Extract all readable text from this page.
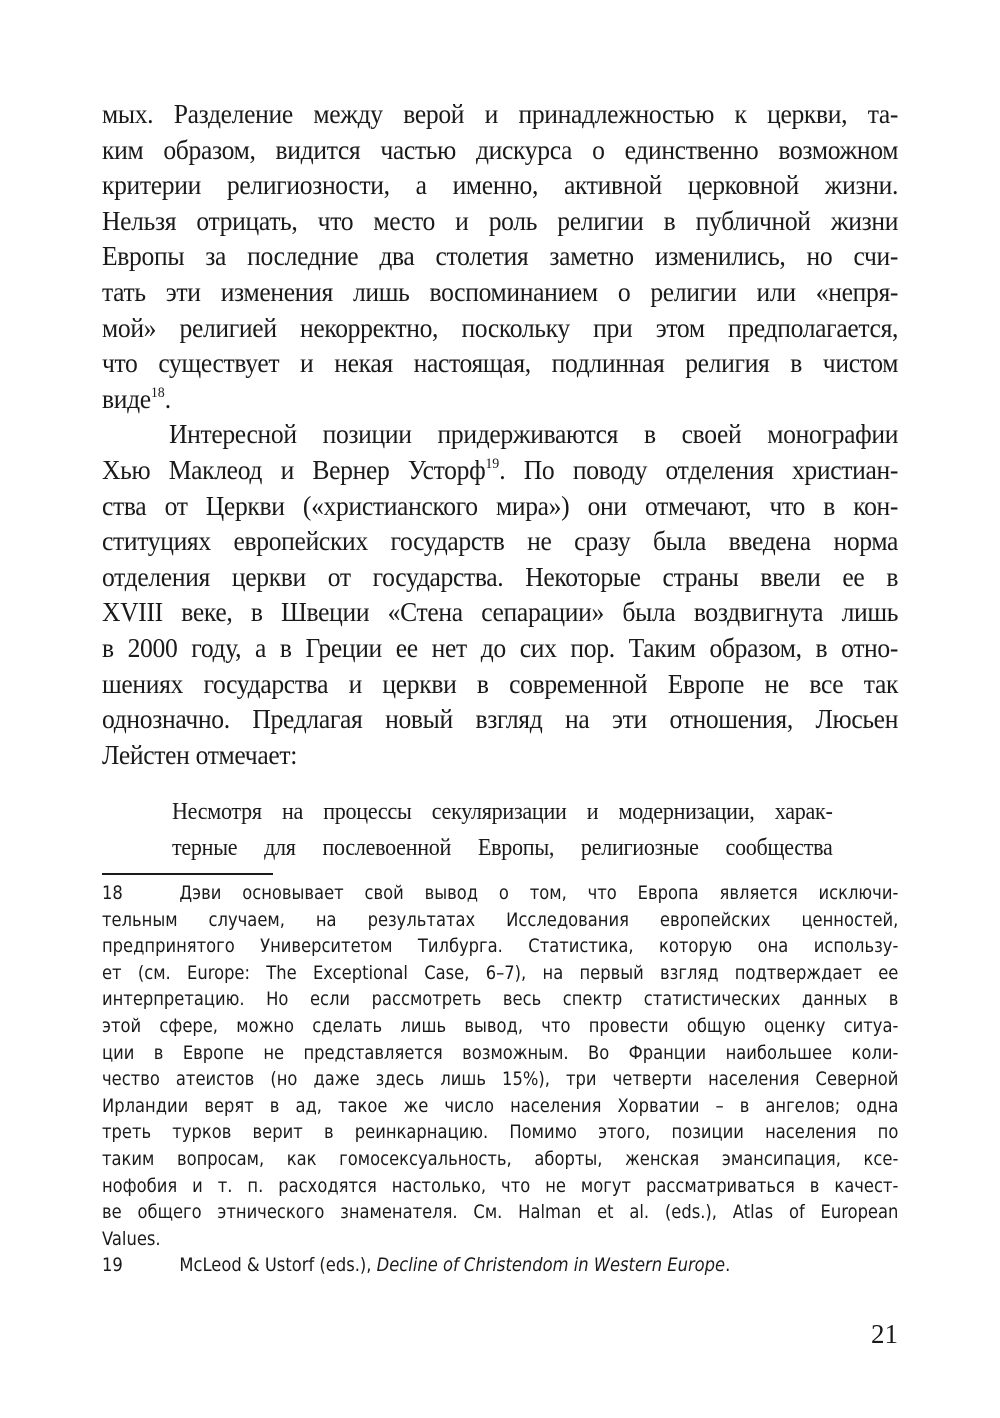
мых. Разделение между верой и принадлежностью к церкви, та-
ким образом, видится частью дискурса о единственно возможном
критерии религиозности, а именно, активной церковной жизни.
Нельзя отрицать, что место и роль религии в публичной жизни
Европы за последние два столетия заметно изменились, но счи-
тать эти изменения лишь воспоминанием о религии или «непря-
мой» религией некорректно, поскольку при этом предполагается,
что существует и некая настоящая, подлинная религия в чистом
виде$^{18}$.
Интересной позиции придерживаются в своей монографии
Хью Маклеод и Вернер Усторф$^{19}$. По поводу отделения христиан-
ства от Церкви («христианского мира») они отмечают, что в кон-
ституциях европейских государств не сразу была введена норма
отделения церкви от государства. Некоторые страны ввели ее в
XVIII веке, в Швеции «Стена сепарации» была воздвигнута лишь
в 2000 году, а в Греции ее нет до сих пор. Таким образом, в отно-
шениях государства и церкви в современной Европе не все так
однозначно. Предлагая новый взгляд на эти отношения, Люсьен
Лейстен отмечает:
Несмотря на процессы секуляризации и модернизации, харак-
терные для послевоенной Европы, религиозные сообщества
18	Дэви основывает свой вывод о том, что Европа является исключи-
тельным случаем, на результатах Исследования европейских ценностей,
предпринятого Университетом Тилбурга. Статистика, которую она использу-
ет (см. Europe: The Exceptional Case, 6–7), на первый взгляд подтверждает ее
интерпретацию. Но если рассмотреть весь спектр статистических данных в
этой сфере, можно сделать лишь вывод, что провести общую оценку ситуа-
ции в Европе не представляется возможным. Во Франции наибольшее коли-
чество атеистов (но даже здесь лишь 15%), три четверти населения Северной
Ирландии верят в ад, такое же число населения Хорватии – в ангелов; одна
треть турков верит в реинкарнацию. Помимо этого, позиции населения по
таким вопросам, как гомосексуальность, аборты, женская эмансипация, ксе-
нофобия и т. п. расходятся настолько, что не могут рассматриваться в качест-
ве общего этнического знаменателя. См. Halman et al. (eds.), Atlas of European
Values.
19	McLeod & Ustorf (eds.), Decline of Christendom in Western Europe.
21
